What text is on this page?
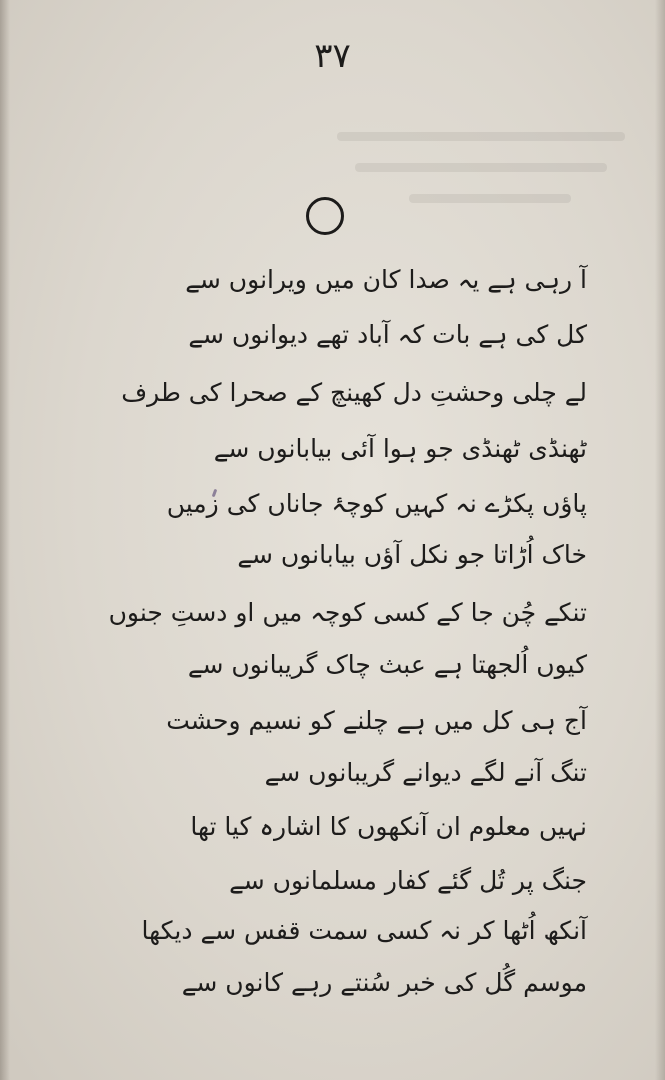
۳۷
آ رہی ہے یہ صدا کان میں ویرانوں سے
کل کی ہے بات کہ آباد تھے دیوانوں سے
لے چلی وحشتِ دل کھینچ کے صحرا کی طرف
ٹھنڈی ٹھنڈی جو ہوا آئی بیابانوں سے
پاؤں پکڑے نہ کہیں کوچۂ جاناں کی زمیں
خاک اُڑاتا جو نکل آؤں بیابانوں سے
تنکے چُن جا کے کسی کوچہ میں او دستِ جنوں
کیوں اُلجھتا ہے عبث چاک گریبانوں سے
آج ہی کل میں ہے چلنے کو نسیم وحشت
تنگ آنے لگے دیوانے گریبانوں سے
نہیں معلوم ان آنکھوں کا اشارہ کیا تھا
جنگ پر تُل گئے کفار مسلمانوں سے
آنکھ اُٹھا کر نہ کسی سمت قفس سے دیکھا
موسم گُل کی خبر سُنتے رہے کانوں سے
